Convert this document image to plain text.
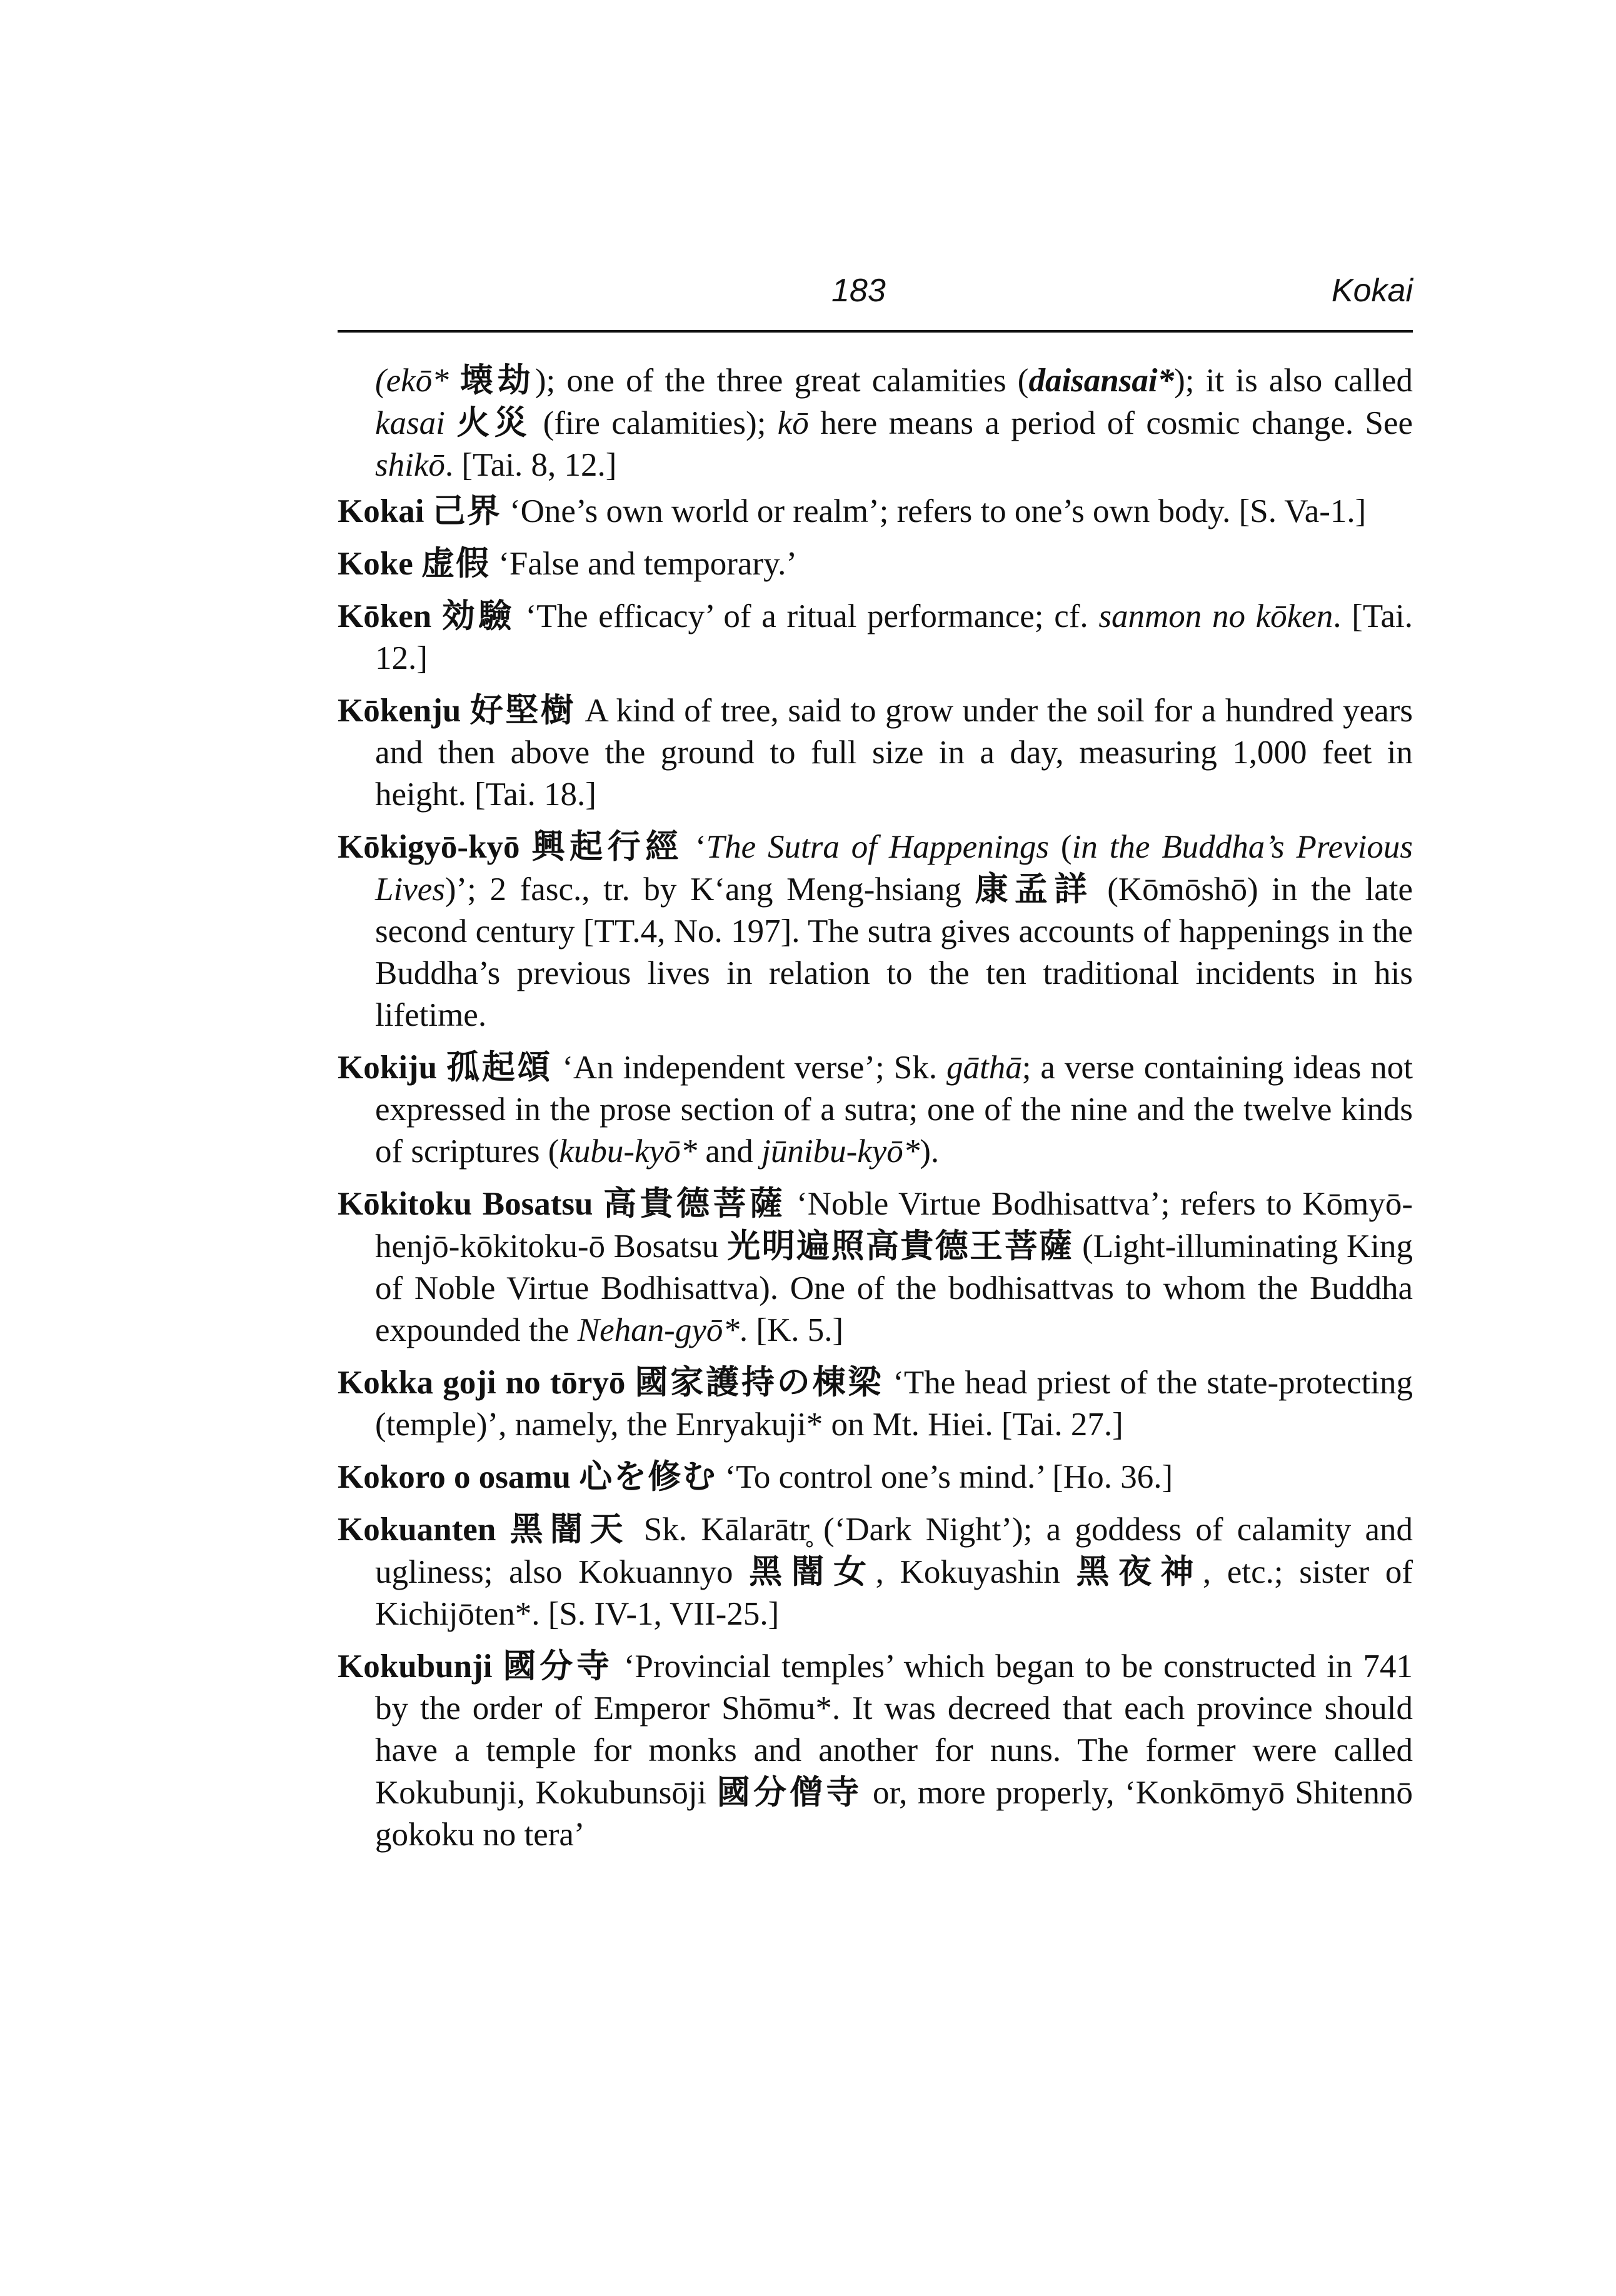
183	Kokai

(ekō* 壊劫); one of the three great calamities (daisansai*); it is also called kasai 火災 (fire calamities); kō here means a period of cosmic change. See shikō. [Tai. 8, 12.]

Kokai 己界 ‘One’s own world or realm’; refers to one’s own body. [S. Va-1.]

Koke 虚假 ‘False and temporary.’

Kōken 効驗 ‘The efficacy’ of a ritual performance; cf. sanmon no kōken. [Tai. 12.]

Kōkenju 好堅樹 A kind of tree, said to grow under the soil for a hundred years and then above the ground to full size in a day, measuring 1,000 feet in height. [Tai. 18.]

Kōkigyō-kyō 興起行經 ‘The Sutra of Happenings (in the Buddha’s Previous Lives)’; 2 fasc., tr. by K‘ang Meng-hsiang 康孟詳 (Kōmōshō) in the late second century [TT.4, No. 197]. The sutra gives accounts of happenings in the Buddha’s previous lives in relation to the ten traditional incidents in his lifetime.

Kokiju 孤起頌 ‘An independent verse’; Sk. gāthā; a verse containing ideas not expressed in the prose section of a sutra; one of the nine and the twelve kinds of scriptures (kubu-kyō* and jūnibu-kyō*).

Kōkitoku Bosatsu 高貴德菩薩 ‘Noble Virtue Bodhisattva’; refers to Kōmyō-henjō-kōkitoku-ō Bosatsu 光明遍照高貴德王菩薩 (Light-illuminating King of Noble Virtue Bodhisattva). One of the bodhisattvas to whom the Buddha expounded the Nehan-gyō*. [K. 5.]

Kokka goji no tōryō 國家護持の棟梁 ‘The head priest of the state-protecting (temple)’, namely, the Enryakuji* on Mt. Hiei. [Tai. 27.]

Kokoro o osamu 心を修む ‘To control one’s mind.’ [Ho. 36.]

Kokuanten 黑闇天 Sk. Kālarātr̥ (‘Dark Night’); a goddess of calamity and ugliness; also Kokuannyo 黑闇女, Kokuyashin 黑夜神, etc.; sister of Kichijōten*. [S. IV-1, VII-25.]

Kokubunji 國分寺 ‘Provincial temples’ which began to be constructed in 741 by the order of Emperor Shōmu*. It was decreed that each province should have a temple for monks and another for nuns. The former were called Kokubunji, Kokubunsōji 國分僧寺 or, more properly, ‘Konkōmyō Shitennō gokoku no tera’
